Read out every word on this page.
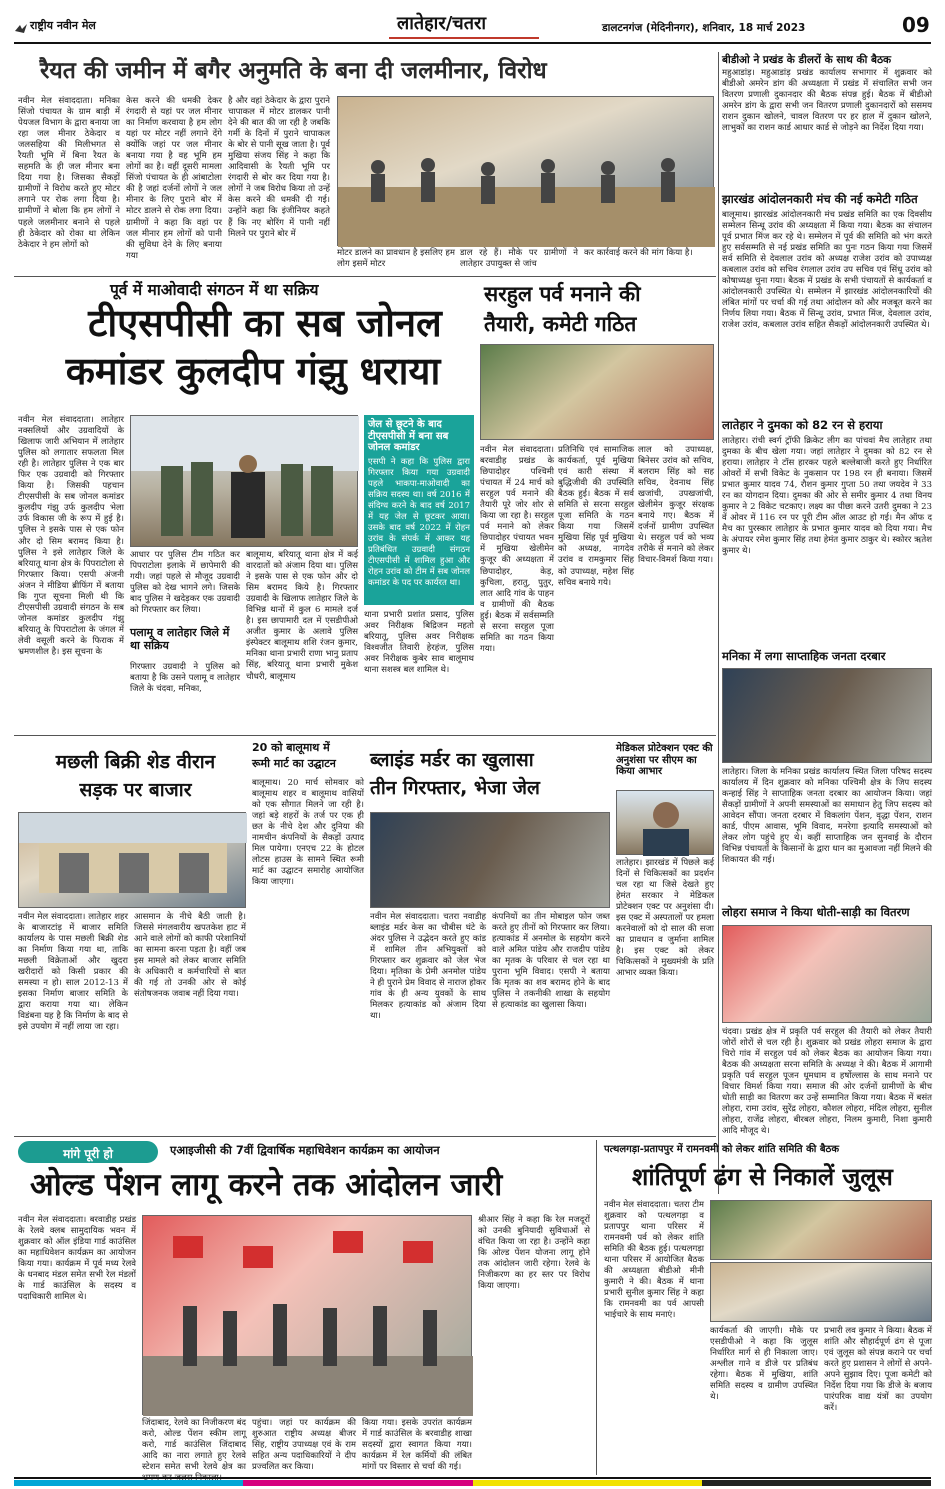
राष्ट्रीय नवीन मेल	लातेहार/चतरा	डालटनगंज (मेदिनीनगर), शनिवार, 18 मार्च 2023	09
रैयत की जमीन में बगैर अनुमति के बना दी जलमीनार, विरोध
नवीन मेल संवाददाता। मनिका सिंजो पंचायत के ग्राम बाड़ी में पेयजल विभाग के द्वारा बनाया जा रहा जल मीनार ठेकेदार व जलसहिया की मिलीभगत से रैयती भूमि में बिना रैयत के सहमति के ही जल मीनार बना दिया गया है। जिसका सैकड़ों ग्रामीणों ने विरोध करते हुए मोटर लगाने पर रोक लगा दिया है। ग्रामीणों ने बोला कि हम लोगों ने पहले जलमीनार बनाने से पहले ही ठेकेदार को रोका था लेकिन ठेकेदार ने हम लोगों को
केस करने की धमकी देकर रंगदारी से यहां पर जल मीनार का निर्माण करवाया है हम लोग यहां पर मोटर नहीं लगाने देंगे क्योंकि जहां पर जल मीनार बनाया गया है वह भूमि हम लोगों का है। वहीं दूसरी मामला सिंजो पंचायत के ही आंबाटोला की है जहां दर्जनों लोगों ने जल मीनार के लिए पुराने बोर में मोटर डालने से रोक लगा दिया। ग्रामीणों ने कहा कि वहां पर जल मीनार हम लोगों को पानी की सुविधा देने के लिए बनाया गया
है और वहां ठेकेदार के द्वारा पुराने चापाकल में मोटर डालकर पानी देने की बात की जा रही है जबकि गर्मी के दिनों में पुराने चापाकल के बोर से पानी सूख जाता है। पूर्व मुखिया संजय सिंह ने कहा कि आदिवासी के रैयती भूमि पर रंगदारी से बोर कर दिया गया है। लोगों ने जब विरोध किया तो उन्हें केस करने की धमकी दी गई। उन्होंने कहा कि इंजीनियर कहते हैं कि नए बोरिंग में पानी नहीं मिलने पर पुराने बोर में
मोटर डालने का प्रावधान है इसलिए हम लोग इसमें मोटर
डाल रहे हैं। मौके पर ग्रामीणों ने लातेहार उपायुक्त से जांच
कर कार्रवाई करने की मांग किया है।
बीडीओ ने प्रखंड के डीलरों के साथ की बैठक
महुआडांड़। महुआडांड़ प्रखंड कार्यालय सभागार में शुक्रवार को बीडीओ अमरेन डांग की अध्यक्षता में प्रखंड में संचालित सभी जन वितरण प्रणाली दुकानदार की बैठक संपन्न हुई। बैठक में बीडीओ अमरेन डांग के द्वारा सभी जन वितरण प्रणाली दुकानदारों को ससमय राशन दुकान खोलने, चावल वितरण पर हर हाल में दुकान खोलने, लाभुकों का राशन कार्ड आधार कार्ड से जोड़ने का निर्देश दिया गया।
झारखंड आंदोलनकारी मंच की नई कमेटी गठित
बालूमाथ। झारखंड आंदोलनकारी मंच प्रखंड समिति का एक दिवसीय सम्मेलन सिन्धू उरांव की अध्यक्षता में किया गया। बैठक का संचालन पूर्व प्रभात मिंज कर रहे थे। सम्मेलन में पूर्व की समिति को भंग करते हुए सर्वसम्मति से नई प्रखंड समिति का पुनः गठन किया गया जिसमें सर्व समिति से देवलाल उरांव को अध्यक्ष राजेश उरांव को उपाध्यक्ष कबलाल उरांव को सचिव रंगलाल उरांव उप सचिव एवं सिंधू उरांव को कोषाध्यक्ष चुना गया। बैठक में प्रखंड के सभी पंचायतों से कार्यकर्ता व आंदोलनकारी उपस्थित थे। सम्मेलन में झारखंड आंदोलनकारियों की लंबित मांगों पर चर्चा की गई तथा आंदोलन को और मजबूत करने का निर्णय लिया गया। बैठक में सिन्धू उरांव, प्रभात मिंज, देवलाल उरांव, राजेश उरांव, कबलाल उरांव सहित सैकड़ों आंदोलनकारी उपस्थित थे।
लातेहार ने दुमका को 82 रन से हराया
लातेहार। रांची स्वर्ग ट्रॉफी क्रिकेट लीग का पांचवां मैच लातेहार तथा दुमका के बीच खेला गया। जहां लातेहार ने दुमका को 82 रन से हराया। लातेहार ने टॉस हारकर पहले बल्लेबाजी करते हुए निर्धारित ओवरों में सभी विकेट के नुकसान पर 198 रन ही बनाया। जिसमें प्रभात कुमार यादव 74, रौशन कुमार गुप्ता 50 तथा जयदेव ने 33 रन का योगदान दिया। दुमका की ओर से समीर कुमार 4 तथा विनय कुमार ने 2 विकेट चटकाए। लक्ष्य का पीछा करने उतरी दुमका ने 23 वें ओवर में 116 रन पर पूरी टीम ऑल आउट हो गई। मैन ऑफ द मैच का पुरस्कार लातेहार के प्रभात कुमार यादव को दिया गया। मैच के अंपायर रमेश कुमार सिंह तथा हेमंत कुमार ठाकुर थे। स्कोरर ऋतेश कुमार थे।
मनिका में लगा साप्ताहिक जनता दरबार
लातेहार। जिला के मनिका प्रखंड कार्यालय स्थित जिला परिषद सदस्य कार्यालय में दिन शुक्रवार को मनिका पश्चिमी क्षेत्र के जिप सदस्य कन्हाई सिंह ने साप्ताहिक जनता दरबार का आयोजन किया। जहां सैकड़ों ग्रामीणों ने अपनी समस्याओं का समाधान हेतु जिप सदस्य को आवेदन सौंपा। जनता दरबार में विकलांग पेंशन, वृद्धा पेंशन, राशन कार्ड, पीएम आवास, भूमि विवाद, मनरेगा इत्यादि समस्याओं को लेकर लोग पहुंचे हुए थे। कहीं साप्ताहिक जन सुनवाई के दौरान विभिन्न पंचायतों के किसानों के द्वारा धान का मुआवजा नहीं मिलने की शिकायत की गई।
लोहरा समाज ने किया धोती-साड़ी का वितरण
चंदवा। प्रखंड क्षेत्र में प्रकृति पर्व सरहुल की तैयारी को लेकर तैयारी जोरों शोरों से चल रही है। शुक्रवार को प्रखंड लोहरा समाज के द्वारा चिरो गांव में सरहुल पर्व को लेकर बैठक का आयोजन किया गया। बैठक की अध्यक्षता सरना समिति के अध्यक्ष ने की। बैठक में आगामी प्रकृति पर्व सरहुल पूजन धूमधाम व हर्षोल्लास के साथ मनाने पर विचार विमर्श किया गया। समाज की ओर दर्जनों ग्रामीणों के बीच धोती साड़ी का वितरण कर उन्हें सम्मानित किया गया। बैठक में बसंत लोहरा, रामा उरांव, सुरेंद्र लोहरा, कौशल लोहरा, मंदिल लोहरा, सुनील लोहरा, राजेंद्र लोहरा, बीरबल लोहरा, निलम कुमारी, निशा कुमारी आदि मौजूद थे।
पूर्व में माओवादी संगठन में था सक्रिय
टीएसपीसी का सब जोनल
कमांडर कुलदीप गंझु धराया
नवीन मेल संवाददाता। लातेहार नक्सलियों और उग्रवादियों के खिलाफ जारी अभियान में लातेहार पुलिस को लगातार सफलता मिल रही है। लातेहार पुलिस ने एक बार फिर एक उग्रवादी को गिरफ्तार किया है। जिसकी पहचान टीएसपीसी के सब जोनल कमांडर कुलदीप गंझु उर्फ कुलदीप भेला उर्फ विकास जी के रूप में हुई है। पुलिस ने इसके पास से एक फोन और दो सिम बरामद किया है। पुलिस ने इसे लातेहार जिले के बरियातू थाना क्षेत्र के पिपराटोला से गिरफ्तार किया। एसपी अंजनी अंजन ने मीडिया ब्रीफिंग में बताया कि गुप्त सूचना मिली थी कि टीएसपीसी उग्रवादी संगठन के सब जोनल कमांडर कुलदीप गंझु बरियातू के पिपराटोला के जंगल में लेवी वसूली करने के फिराक में भ्रमणशील है। इस सूचना के
आधार पर पुलिस टीम गठित कर पिपराटोला इलाके में छापेमारी की गयी। जहां पहले से मौजूद उग्रवादी पुलिस को देख भागने लगे। जिसके बाद पुलिस ने खदेड़कर एक उग्रवादी को गिरफ्तार कर लिया।
पलामू व लातेहार जिले में था सक्रिय
गिरफ्तार उग्रवादी ने पुलिस को बताया है कि उसने पलामू व लातेहार जिले के चंदवा, मनिका,
बालूमाथ, बरियातू थाना क्षेत्र में कई वारदातों को अंजाम दिया था। पुलिस ने इसके पास से एक फोन और दो सिम बरामद किये है। गिरफ्तार उग्रवादी के खिलाफ लातेहार जिले के विभिन्न थानों में कुल 6 मामले दर्ज है। इस छापामारी दल में एसडीपीओ अजीत कुमार के अलावे पुलिस इंस्पेक्टर बालूमाथ शशि रंजन कुमार, मनिका थाना प्रभारी राणा भानु प्रताप सिंह, बरियातू थाना प्रभारी मुकेश चौधरी, बालूमाथ
जेल से छूटने के बाद टीएसपीसी में बना सब जोनल कमांडर
एसपी ने कहा कि पुलिस द्वारा गिरफ्तार किया गया उग्रवादी पहले भाकपा-माओवादी का सक्रिय सदस्य था। वर्ष 2016 में संदिग्ध करने के बाद वर्ष 2017 में यह जेल से छूटकर आया। उसके बाद वर्ष 2022 में रोहन उरांव के संपर्क में आकर यह प्रतिबंधित उग्रवादी संगठन टीएसपीसी में शामिल हुआ और रोहन उरांव को टीम में सब जोनल कमांडर के पद पर कार्यरत था।
थाना प्रभारी प्रशांत प्रसाद, पुलिस अवर निरीक्षक बिद्रिजन महतो बरियातू, पुलिस अवर निरीक्षक विश्वजीत तिवारी हेरहंज, पुलिस अवर निरीक्षक कुबेर साव बालूमाथ थाना सशस्त्र बल शामिल थे।
सरहुल पर्व मनाने की
तैयारी, कमेटी गठित
नवीन मेल संवाददाता। बरवाडीह प्रखंड के छिपादोहर पश्चिमी पंचायत में 24 मार्च को सरहुल पर्व मनाने की तैयारी पूरे जोर शोर से किया जा रहा है। सरहुल पर्व मनाने को लेकर छिपादोहर पंचायत भवन में मुखिया खेलीमेन कुजूर की अध्यक्षता में छिपादोहर, केड़, कुचिला, हरातु, पुतुर, लात आदि गांव के पाहन व ग्रामीणों की बैठक हुई। बैठक में सर्वसम्मति से सरना सरहुल पूजा समिति का गठन किया गया।
प्रतिनिधि एवं सामाजिक कार्यकर्ता, पूर्व मुखिया एवं कारी संस्था में बुद्धिजीवी की उपस्थिति बैठक हुई। बैठक में सर्व समिति से सरना सरहुल पूजा समिति के गठन किया गया जिसमें मुखिया सिंह पूर्व मुखिया को अध्यक्ष, नागदेव उरांव व रामकुमार सिंह को उपाध्यक्ष, महेश सिंह सचिव बनाये गये।
लाल को उपाध्यक्ष, बिनेसर उरांव को सचिव, बलराम सिंह को सह सचिव, देवनाथ सिंह खजांची, उपखजांची, खेलीमेन कुजूर संरक्षक बनाये गए। बैठक में दर्जनों ग्रामीण उपस्थित थे। सरहुल पर्व को भव्य तरीके से मनाने को लेकर विचार-विमर्श किया गया।
मछली बिक्री शेड वीरान
सड़क पर बाजार
नवीन मेल संवाददाता। लातेहार शहर के बाजारटांड़ में बाजार समिति कार्यालय के पास मछली बिक्री शेड का निर्माण किया गया था, ताकि मछली विक्रेताओं और खुदरा खरीदारों को किसी प्रकार की समस्या न हो। साल 2012-13 में इसका निर्माण बाजार समिति के द्वारा कराया गया था। लेकिन विडंबना यह है कि निर्माण के बाद से इसे उपयोग में नहीं लाया जा रहा।
आसमान के नीचे बैठी जाती है। जिससे मंगलवारीय खपतकेश हाट में आने वाले लोगों को काफी परेशानियों का सामना करना पड़ता है। वहीं जब इस मामले को लेकर बाजार समिति के अधिकारी व कर्मचारियों से बात की गई तो उनकी ओर से कोई संतोषजनक जवाब नहीं दिया गया।
20 को बालूमाथ में
रूमी मार्ट का उद्घाटन
बालूमाथ। 20 मार्च सोमवार को बालूमाथ शहर व बालूमाथ वासियों को एक सौगात मिलने जा रही है। जहां बड़े शहरों के तर्ज पर एक ही छत के नीचे देश और दुनिया की नामचीन कंपनियों के सैकड़ों उत्पाद मिल पायेगा। एनएच 22 के होटल लोटस हाउस के सामने स्थित रूमी मार्ट का उद्घाटन समारोह आयोजित किया जाएगा।
ब्लाइंड मर्डर का खुलासा
तीन गिरफ्तार, भेजा जेल
नवीन मेल संवाददाता। चतरा नवाडीह ब्लाइंड मर्डर केस का चौबीस घंटे के अंदर पुलिस ने उद्भेदन करते हुए कांड में शामिल तीन अभियुक्तों को गिरफ्तार कर शुक्रवार को जेल भेज दिया। मृतिका के प्रेमी अनमोल पांडेय ने ही पुराने प्रेम विवाद से नाराज होकर गांव के ही अन्य युवकों के साथ मिलकर हत्याकांड को अंजाम दिया था।
कंपनियों का तीन मोबाइल फोन जब्त करते हुए तीनों को गिरफ्तार कर लिया। हत्याकांड में अनमोल के सहयोग करने वाले अमित पांडेय और राजदीप पांडेय का मृतक के परिवार से चल रहा था पुराना भूमि विवाद। एसपी ने बताया कि मृतक का शव बरामद होने के बाद पुलिस ने तकनीकी शाखा के सहयोग से हत्याकांड का खुलासा किया।
मेडिकल प्रोटेक्शन एक्ट की अनुशंसा पर सीएम का किया आभार
लातेहार। झारखंड में पिछले कई दिनों से चिकित्सकों का प्रदर्शन चल रहा था जिसे देखते हुए हेमंत सरकार ने मेडिकल प्रोटेक्शन एक्ट पर अनुशंसा दी। इस एक्ट में अस्पतालों पर हमला करनेवालों को दो साल की सजा का प्रावधान व जुर्माना शामिल है। इस एक्ट को लेकर चिकित्सकों ने मुख्यमंत्री के प्रति आभार व्यक्त किया।
मांगे पूरी हो	एआइजीसी की 7वीं द्विवार्षिक महाधिवेशन कार्यक्रम का आयोजन
ओल्ड पेंशन लागू करने तक आंदोलन जारी
नवीन मेल संवाददाता। बरवाडीह प्रखंड के रेलवे क्लब सामुदायिक भवन में शुक्रवार को ऑल इंडिया गार्ड काउंसिल का महाधिवेशन कार्यक्रम का आयोजन किया गया। कार्यक्रम में पूर्व मध्य रेलवे के धनबाद मंडल समेत सभी रेल मंडलों के गार्ड काउंसिल के सदस्य व पदाधिकारी शामिल थे।
जिंदाबाद, रेलवे का निजीकरण बंद करो, ओल्ड पेंशन स्कीम लागू करो, गार्ड काउंसिल जिंदाबाद आदि का नारा लगाते हुए रेलवे स्टेशन समेत सभी रेलवे क्षेत्र का
पहुंचा। जहां पर कार्यक्रम की शुरुआत राष्ट्रीय अध्यक्ष बीजर सिंह, राष्ट्रीय उपाध्यक्ष एवं के राम सहित अन्य पदाधिकारियों ने दीप प्रज्वलित कर किया।
किया गया। इसके उपरांत कार्यक्रम में गार्ड काउंसिल के बरवाडीह शाखा सदस्यों द्वारा स्वागत किया गया। कार्यक्रम में रेल कर्मियों की लंबित मांगों पर विस्तार से चर्चा की गई।
श्रीआर सिंह ने कहा कि रेल मजदूरों को उनकी बुनियादी सुविधाओं से वंचित किया जा रहा है। उन्होंने कहा कि ओल्ड पेंशन योजना लागू होने तक आंदोलन जारी रहेगा। रेलवे के निजीकरण का हर स्तर पर विरोध किया जाएगा।
पत्थलगड़ा-प्रतापपुर में रामनवमी को लेकर शांति समिति की बैठक
शांतिपूर्ण ढंग से निकालें जुलूस
नवीन मेल संवाददाता। चतरा टीम शुक्रवार को पत्थलगड़ा व प्रतापपुर थाना परिसर में रामनवमी पर्व को लेकर शांति समिति की बैठक हुई। पत्थलगड़ा थाना परिसर में आयोजित बैठक की अध्यक्षता बीडीओ मीनी कुमारी ने की। बैठक में थाना प्रभारी सुनील कुमार सिंह ने कहा कि रामनवमी का पर्व आपसी भाईचारे के साथ मनाएं।
कार्यकर्ता की जाएगी। मौके पर एसडीपीओ ने कहा कि जुलूस निर्धारित मार्ग से ही निकाला जाए। अश्लील गाने व डीजे पर प्रतिबंध रहेगा। बैठक में मुखिया, शांति समिति सदस्य व ग्रामीण उपस्थित थे।
प्रभारी लव कुमार ने किया। बैठक में शांति और सौहार्दपूर्ण ढंग से पूजा एवं जुलूस को संपन्न कराने पर चर्चा करते हुए प्रशासन ने लोगों से अपने-अपने सुझाव दिए। पूजा कमेटी को निर्देश दिया गया कि डीजे के बजाय पारंपरिक वाद्य यंत्रों का उपयोग करें।
